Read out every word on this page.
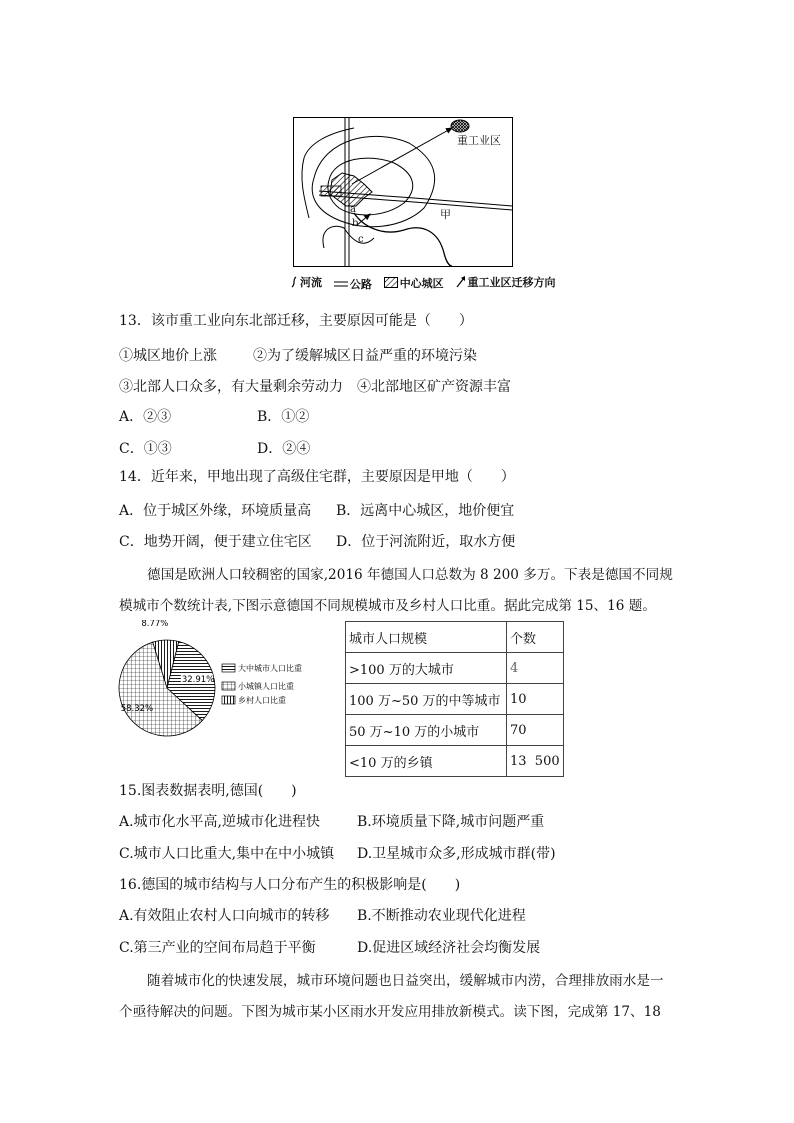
重工业区
甲
a
b
c
河流
	公路
	中心城区
重工业区迁移方向
13．该市重工业向东北部迁移，主要原因可能是（　　）
①城区地价上涨	②为了缓解城区日益严重的环境污染
③北部人口众多，有大量剩余劳动力 ④北部地区矿产资源丰富
A．②③	B．①②
C．①③	D．②④
14．近年来，甲地出现了高级住宅群，主要原因是甲地（　　）
A．位于城区外缘，环境质量高 B．远离中心城区，地价便宜
C．地势开阔，便于建立住宅区 D．位于河流附近，取水方便
德国是欧洲人口较稠密的国家,2016 年德国人口总数为 8 200 多万。下表是德国不同规
模城市个数统计表,下图示意德国不同规模城市及乡村人口比重。据此完成第 15、16 题。
32.91%
58.32%
8.77%
大中城市人口比重
小城镇人口比重
乡村人口比重
城市人口规模	个数
>100 万的大城市	4
100 万~50 万的中等城市	10
50 万~10 万的小城市	70
<10 万的乡镇	13  500
15.图表数据表明,德国(　　)
A.城市化水平高,逆城市化进程快	B.环境质量下降,城市问题严重
C.城市人口比重大,集中在中小城镇 D.卫星城市众多,形成城市群(带)
16.德国的城市结构与人口分布产生的积极影响是(　　)
A.有效阻止农村人口向城市的转移 B.不断推动农业现代化进程
C.第三产业的空间布局趋于平衡	D.促进区域经济社会均衡发展
随着城市化的快速发展，城市环境问题也日益突出，缓解城市内涝，合理排放雨水是一
个亟待解决的问题。下图为城市某小区雨水开发应用排放新模式。读下图，完成第 17、18
